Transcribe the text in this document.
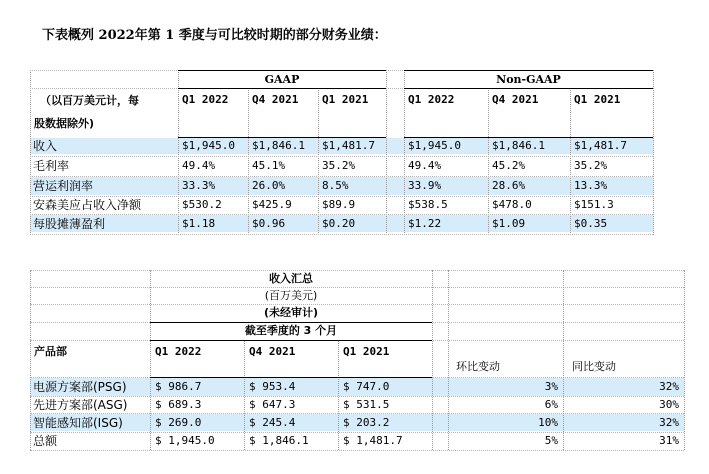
下表概列 2022年第 1 季度与可比较时期的部分财务业绩：
GAAP	Non-GAAP
（以百万美元计，每
股数据除外)
Q1 2022 Q4 2021 Q1 2021	Q1 2022	Q4 2021	Q1 2021
收入	$1,945.0 $1,846.1 $1,481.7	$1,945.0	$1,846.1	$1,481.7
毛利率	49.4%	45.1%	35.2%	49.4%	45.2%	35.2%
营运利润率	33.3%	26.0%	8.5%	33.9%	28.6%	13.3%
安森美应占收入净额	$530.2	$425.9	$89.9	$538.5	$478.0	$151.3
每股摊薄盈利	$1.18	$0.96	$0.20	$1.22	$1.09	$0.35
收入汇总
(百万美元)
(未经审计)
截至季度的 3 个月
产品部	Q1 2022	Q4 2021	Q1 2021
环比变动	同比变动
电源方案部(PSG)	$ 986.7	$ 953.4	$ 747.0	3%	32%
先进方案部(ASG)	$ 689.3	$ 647.3	$ 531.5	6%	30%
智能感知部(ISG)	$ 269.0	$ 245.4	$ 203.2	10%	32%
总额	$ 1,945.0	$ 1,846.1	$ 1,481.7	5%	31%
